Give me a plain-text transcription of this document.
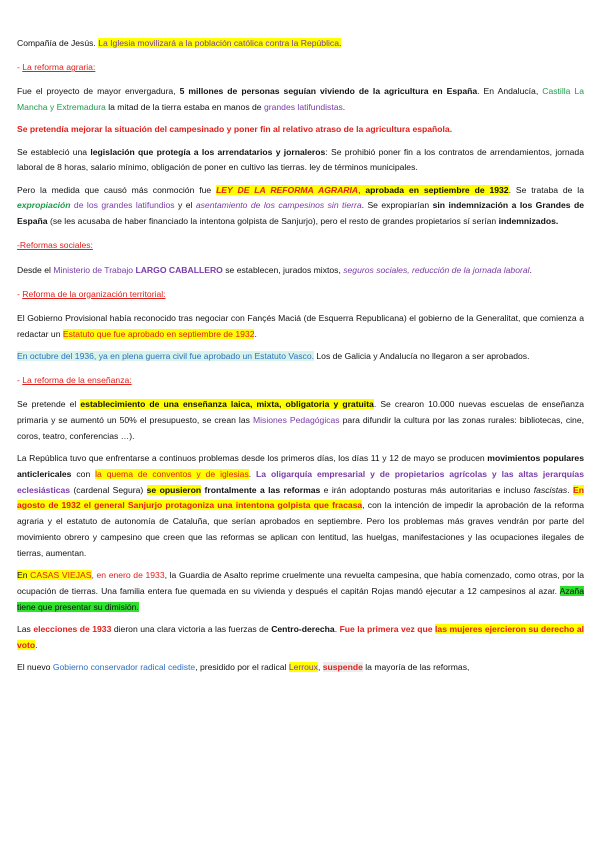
Compañía de Jesús. La Iglesia movilizará a la población católica contra la República.

- La reforma agraria:

Fue el proyecto de mayor envergadura, 5 millones de personas seguían viviendo de la agricultura en España. En Andalucía, Castilla La Mancha y Extremadura la mitad de la tierra estaba en manos de grandes latifundistas.

Se pretendía mejorar la situación del campesinado y poner fin al relativo atraso de la agricultura española.

Se estableció una legislación que protegía a los arrendatarios y jornaleros: Se prohibió poner fin a los contratos de arrendamientos, jornada laboral de 8 horas, salario mínimo, obligación de poner en cultivo las tierras. ley de términos municipales.

Pero la medida que causó más conmoción fue LEY DE LA REFORMA AGRARIA, aprobada en septiembre de 1932. Se trataba de la expropiación de los grandes latifundios y el asentamiento de los campesinos sin tierra. Se expropiarían sin indemnización a los Grandes de España (se les acusaba de haber financiado la intentona golpista de Sanjurjo), pero el resto de grandes propietarios sí serían indemnizados.

-Reformas sociales:

Desde el Ministerio de Trabajo LARGO CABALLERO se establecen, jurados mixtos, seguros sociales, reducción de la jornada laboral.

- Reforma de la organización territorial:

El Gobierno Provisional había reconocido tras negociar con Fançés Maciá (de Esquerra Republicana) el gobierno de la Generalitat, que comienza a redactar un Estatuto que fue aprobado en septiembre de 1932.

En octubre del 1936, ya en plena guerra civil fue aprobado un Estatuto Vasco. Los de Galicia y Andalucía no llegaron a ser aprobados.

- La reforma de la enseñanza:

Se pretende el establecimiento de una enseñanza laica, mixta, obligatoria y gratuita. Se crearon 10.000 nuevas escuelas de enseñanza primaria y se aumentó un 50% el presupuesto, se crean las Misiones Pedagógicas para difundir la cultura por las zonas rurales: bibliotecas, cine, coros, teatro, conferencias …).

La República tuvo que enfrentarse a continuos problemas desde los primeros días, los días 11 y 12 de mayo se producen movimientos populares anticlericales con la quema de conventos y de iglesias. La oligarquía empresarial y de propietarios agrícolas y las altas jerarquías eclesiásticas (cardenal Segura) se opusieron frontalmente a las reformas e irán adoptando posturas más autoritarias e incluso fascistas. En agosto de 1932 el general Sanjurjo protagoniza una intentona golpista que fracasa, con la intención de impedir la aprobación de la reforma agraria y el estatuto de autonomía de Cataluña, que serían aprobados en septiembre. Pero los problemas más graves vendrán por parte del movimiento obrero y campesino que creen que las reformas se aplican con lentitud, las huelgas, manifestaciones y las ocupaciones ilegales de tierras, aumentan.

En CASAS VIEJAS, en enero de 1933, la Guardia de Asalto reprime cruelmente una revuelta campesina, que había comenzado, como otras, por la ocupación de tierras. Una familia entera fue quemada en su vivienda y después el capitán Rojas mandó ejecutar a 12 campesinos al azar. Azaña tiene que presentar su dimisión.

Las elecciones de 1933 dieron una clara victoria a las fuerzas de Centro-derecha. Fue la primera vez que las mujeres ejercieron su derecho al voto.

El nuevo Gobierno conservador radical cediste, presidido por el radical Lerroux, suspende la mayoría de las reformas,
